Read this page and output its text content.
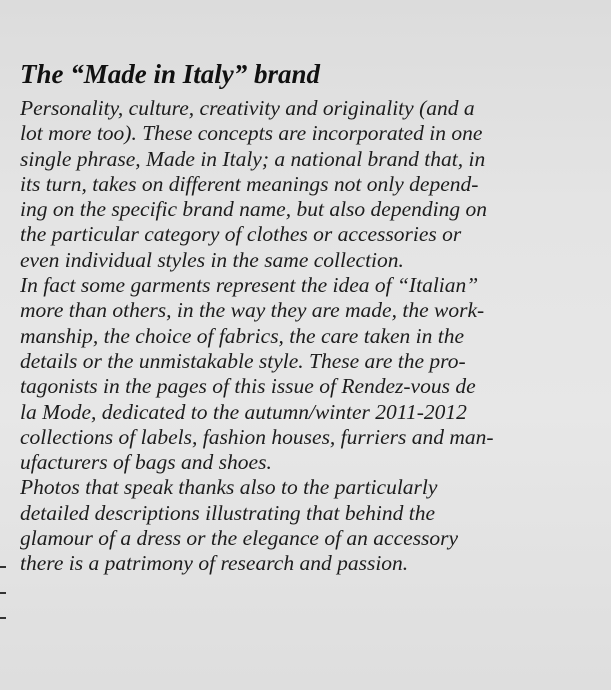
The “Made in Italy” brand
Personality, culture, creativity and originality (and a
lot more too). These concepts are incorporated in one
single phrase, Made in Italy; a national brand that, in
its turn, takes on different meanings not only depend-
ing on the specific brand name, but also depending on
the particular category of clothes or accessories or
even individual styles in the same collection.
In fact some garments represent the idea of “Italian”
more than others, in the way they are made, the work-
manship, the choice of fabrics, the care taken in the
details or the unmistakable style. These are the pro-
tagonists in the pages of this issue of Rendez-vous de
la Mode, dedicated to the autumn/winter 2011-2012
collections of labels, fashion houses, furriers and man-
ufacturers of bags and shoes.
Photos that speak thanks also to the particularly
detailed descriptions illustrating that behind the
glamour of a dress or the elegance of an accessory
there is a patrimony of research and passion.
